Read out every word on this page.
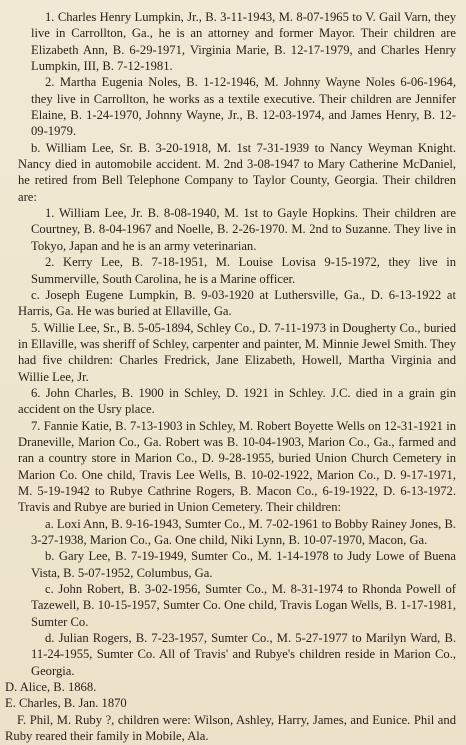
1. Charles Henry Lumpkin, Jr., B. 3-11-1943, M. 8-07-1965 to V. Gail Varn, they live in Carrollton, Ga., he is an attorney and former Mayor. Their children are Elizabeth Ann, B. 6-29-1971, Virginia Marie, B. 12-17-1979, and Charles Henry Lumpkin, III, B. 7-12-1981.

2. Martha Eugenia Noles, B. 1-12-1946, M. Johnny Wayne Noles 6-06-1964, they live in Carrollton, he works as a textile executive. Their children are Jennifer Elaine, B. 1-24-1970, Johnny Wayne, Jr., B. 12-03-1974, and James Henry, B. 12-09-1979.

b. William Lee, Sr. B. 3-20-1918, M. 1st 7-31-1939 to Nancy Weyman Knight. Nancy died in automobile accident. M. 2nd 3-08-1947 to Mary Catherine McDaniel, he retired from Bell Telephone Company to Taylor County, Georgia. Their children are:

1. William Lee, Jr. B. 8-08-1940, M. 1st to Gayle Hopkins. Their children are Courtney, B. 8-04-1967 and Noelle, B. 2-26-1970. M. 2nd to Suzanne. They live in Tokyo, Japan and he is an army veterinarian.

2. Kerry Lee, B. 7-18-1951, M. Louise Lovisa 9-15-1972, they live in Summerville, South Carolina, he is a Marine officer.

c. Joseph Eugene Lumpkin, B. 9-03-1920 at Luthersville, Ga., D. 6-13-1922 at Harris, Ga. He was buried at Ellaville, Ga.

5. Willie Lee, Sr., B. 5-05-1894, Schley Co., D. 7-11-1973 in Dougherty Co., buried in Ellaville, was sheriff of Schley, carpenter and painter, M. Minnie Jewel Smith. They had five children: Charles Fredrick, Jane Elizabeth, Howell, Martha Virginia and Willie Lee, Jr.

6. John Charles, B. 1900 in Schley, D. 1921 in Schley. J.C. died in a grain gin accident on the Usry place.

7. Fannie Katie, B. 7-13-1903 in Schley, M. Robert Boyette Wells on 12-31-1921 in Draneville, Marion Co., Ga. Robert was B. 10-04-1903, Marion Co., Ga., farmed and ran a country store in Marion Co., D. 9-28-1955, buried Union Church Cemetery in Marion Co. One child, Travis Lee Wells, B. 10-02-1922, Marion Co., D. 9-17-1971, M. 5-19-1942 to Rubye Cathrine Rogers, B. Macon Co., 6-19-1922, D. 6-13-1972. Travis and Rubye are buried in Union Cemetery. Their children:

a. Loxi Ann, B. 9-16-1943, Sumter Co., M. 7-02-1961 to Bobby Rainey Jones, B. 3-27-1938, Marion Co., Ga. One child, Niki Lynn, B. 10-07-1970, Macon, Ga.

b. Gary Lee, B. 7-19-1949, Sumter Co., M. 1-14-1978 to Judy Lowe of Buena Vista, B. 5-07-1952, Columbus, Ga.

c. John Robert, B. 3-02-1956, Sumter Co., M. 8-31-1974 to Rhonda Powell of Tazewell, B. 10-15-1957, Sumter Co. One child, Travis Logan Wells, B. 1-17-1981, Sumter Co.

d. Julian Rogers, B. 7-23-1957, Sumter Co., M. 5-27-1977 to Marilyn Ward, B. 11-24-1955, Sumter Co. All of Travis' and Rubye's children reside in Marion Co., Georgia.

D. Alice, B. 1868.

E. Charles, B. Jan. 1870

F. Phil, M. Ruby ?, children were: Wilson, Ashley, Harry, James, and Eunice. Phil and Ruby reared their family in Mobile, Ala.
